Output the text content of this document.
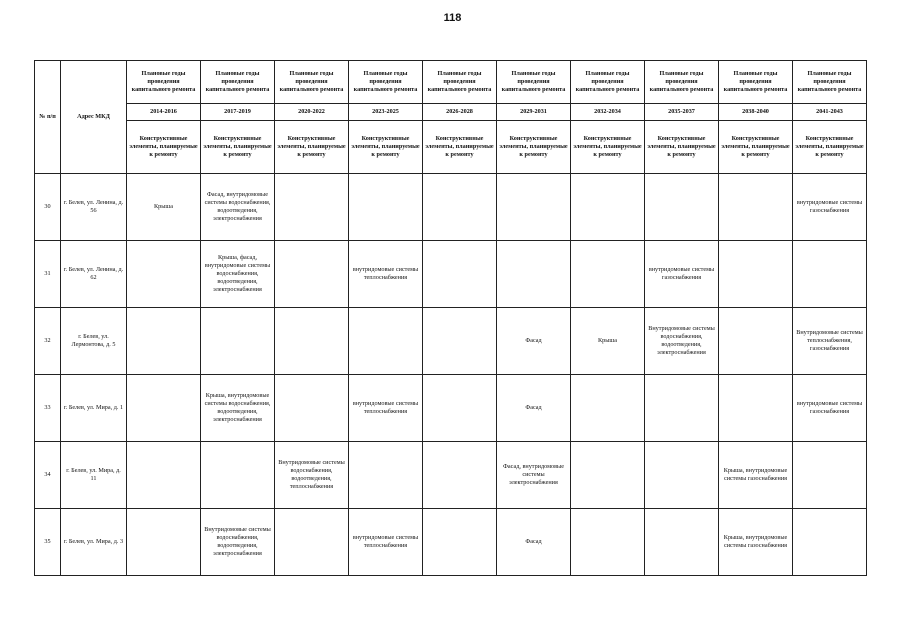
118
№ п/п	Адрес МКД	Плановые годы проведения капитального ремонта	Плановые годы проведения капитального ремонта	Плановые годы проведения капитального ремонта	Плановые годы проведения капитального ремонта	Плановые годы проведения капитального ремонта	Плановые годы проведения капитального ремонта	Плановые годы проведения капитального ремонта	Плановые годы проведения капитального ремонта	Плановые годы проведения капитального ремонта	Плановые годы проведения капитального ремонта
		2014-2016	2017-2019	2020-2022	2023-2025	2026-2028	2029-2031	2032-2034	2035-2037	2038-2040	2041-2043
		Конструктивные элементы, планируемые к ремонту	Конструктивные элементы, планируемые к ремонту	Конструктивные элементы, планируемые к ремонту	Конструктивные элементы, планируемые к ремонту	Конструктивные элементы, планируемые к ремонту	Конструктивные элементы, планируемые к ремонту	Конструктивные элементы, планируемые к ремонту	Конструктивные элементы, планируемые к ремонту	Конструктивные элементы, планируемые к ремонту	Конструктивные элементы, планируемые к ремонту
30	г. Белев, ул. Ленина, д. 56	Крыша	Фасад, внутридомовые системы водоснабжения, водоотведения, электроснабжения								внутридомовые системы газоснабжения
31	г. Белев, ул. Ленина, д. 62		Крыша, фасад, внутридомовые системы водоснабжения, водоотведения, электроснабжения		внутридомовые системы теплоснабжения				внутридомовые системы газоснабжения		
32	г. Белев, ул. Лермонтова, д. 5						Фасад	Крыша	Внутридомовые системы водоснабжения, водоотведения, электроснабжения		Внутридомовые системы теплоснабжения, газоснабжения
33	г. Белев, ул. Мира, д. 1		Крыша, внутридомовые системы водоснабжения, водоотведения, электроснабжения		внутридомовые системы теплоснабжения		Фасад				внутридомовые системы газоснабжения
34	г. Белев, ул. Мира, д. 11			Внутридомовые системы водоснабжения, водоотведения, теплоснабжения			Фасад, внутридомовые системы электроснабжения			Крыша, внутридомовые системы газоснабжения	
35	г. Белев, ул. Мира, д. 3		Внутридомовые системы водоснабжения, водоотведения, электроснабжения		внутридомовые системы теплоснабжения		Фасад			Крыша, внутридомовые системы газоснабжения	
